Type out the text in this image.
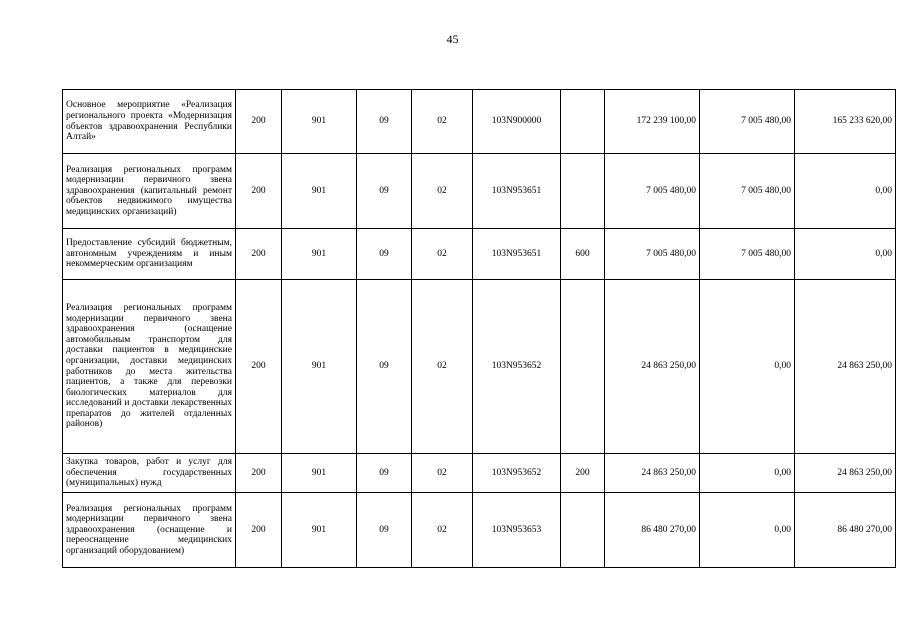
45
Основное мероприятие «Реализация регионального проекта «Модернизация объектов здравоохранения Республики Алтай»	200	901	09	02	103N900000		172 239 100,00	7 005 480,00	165 233 620,00
Реализация региональных программ модернизации первичного звена здравоохранения (капитальный ремонт объектов недвижимого имущества медицинских организаций)	200	901	09	02	103N953651		7 005 480,00	7 005 480,00	0,00
Предоставление субсидий бюджетным, автономным учреждениям и иным некоммерческим организациям	200	901	09	02	103N953651	600	7 005 480,00	7 005 480,00	0,00
Реализация региональных программ модернизации первичного звена здравоохранения (оснащение автомобильным транспортом для доставки пациентов в медицинские организации, доставки медицинских работников до места жительства пациентов, а также для перевозки биологических материалов для исследований и доставки лекарственных препаратов до жителей отдаленных районов)	200	901	09	02	103N953652		24 863 250,00	0,00	24 863 250,00
Закупка товаров, работ и услуг для обеспечения государственных (муниципальных) нужд	200	901	09	02	103N953652	200	24 863 250,00	0,00	24 863 250,00
Реализация региональных программ модернизации первичного звена здравоохранения (оснащение и переоснащение медицинских организаций оборудованием)	200	901	09	02	103N953653		86 480 270,00	0,00	86 480 270,00
